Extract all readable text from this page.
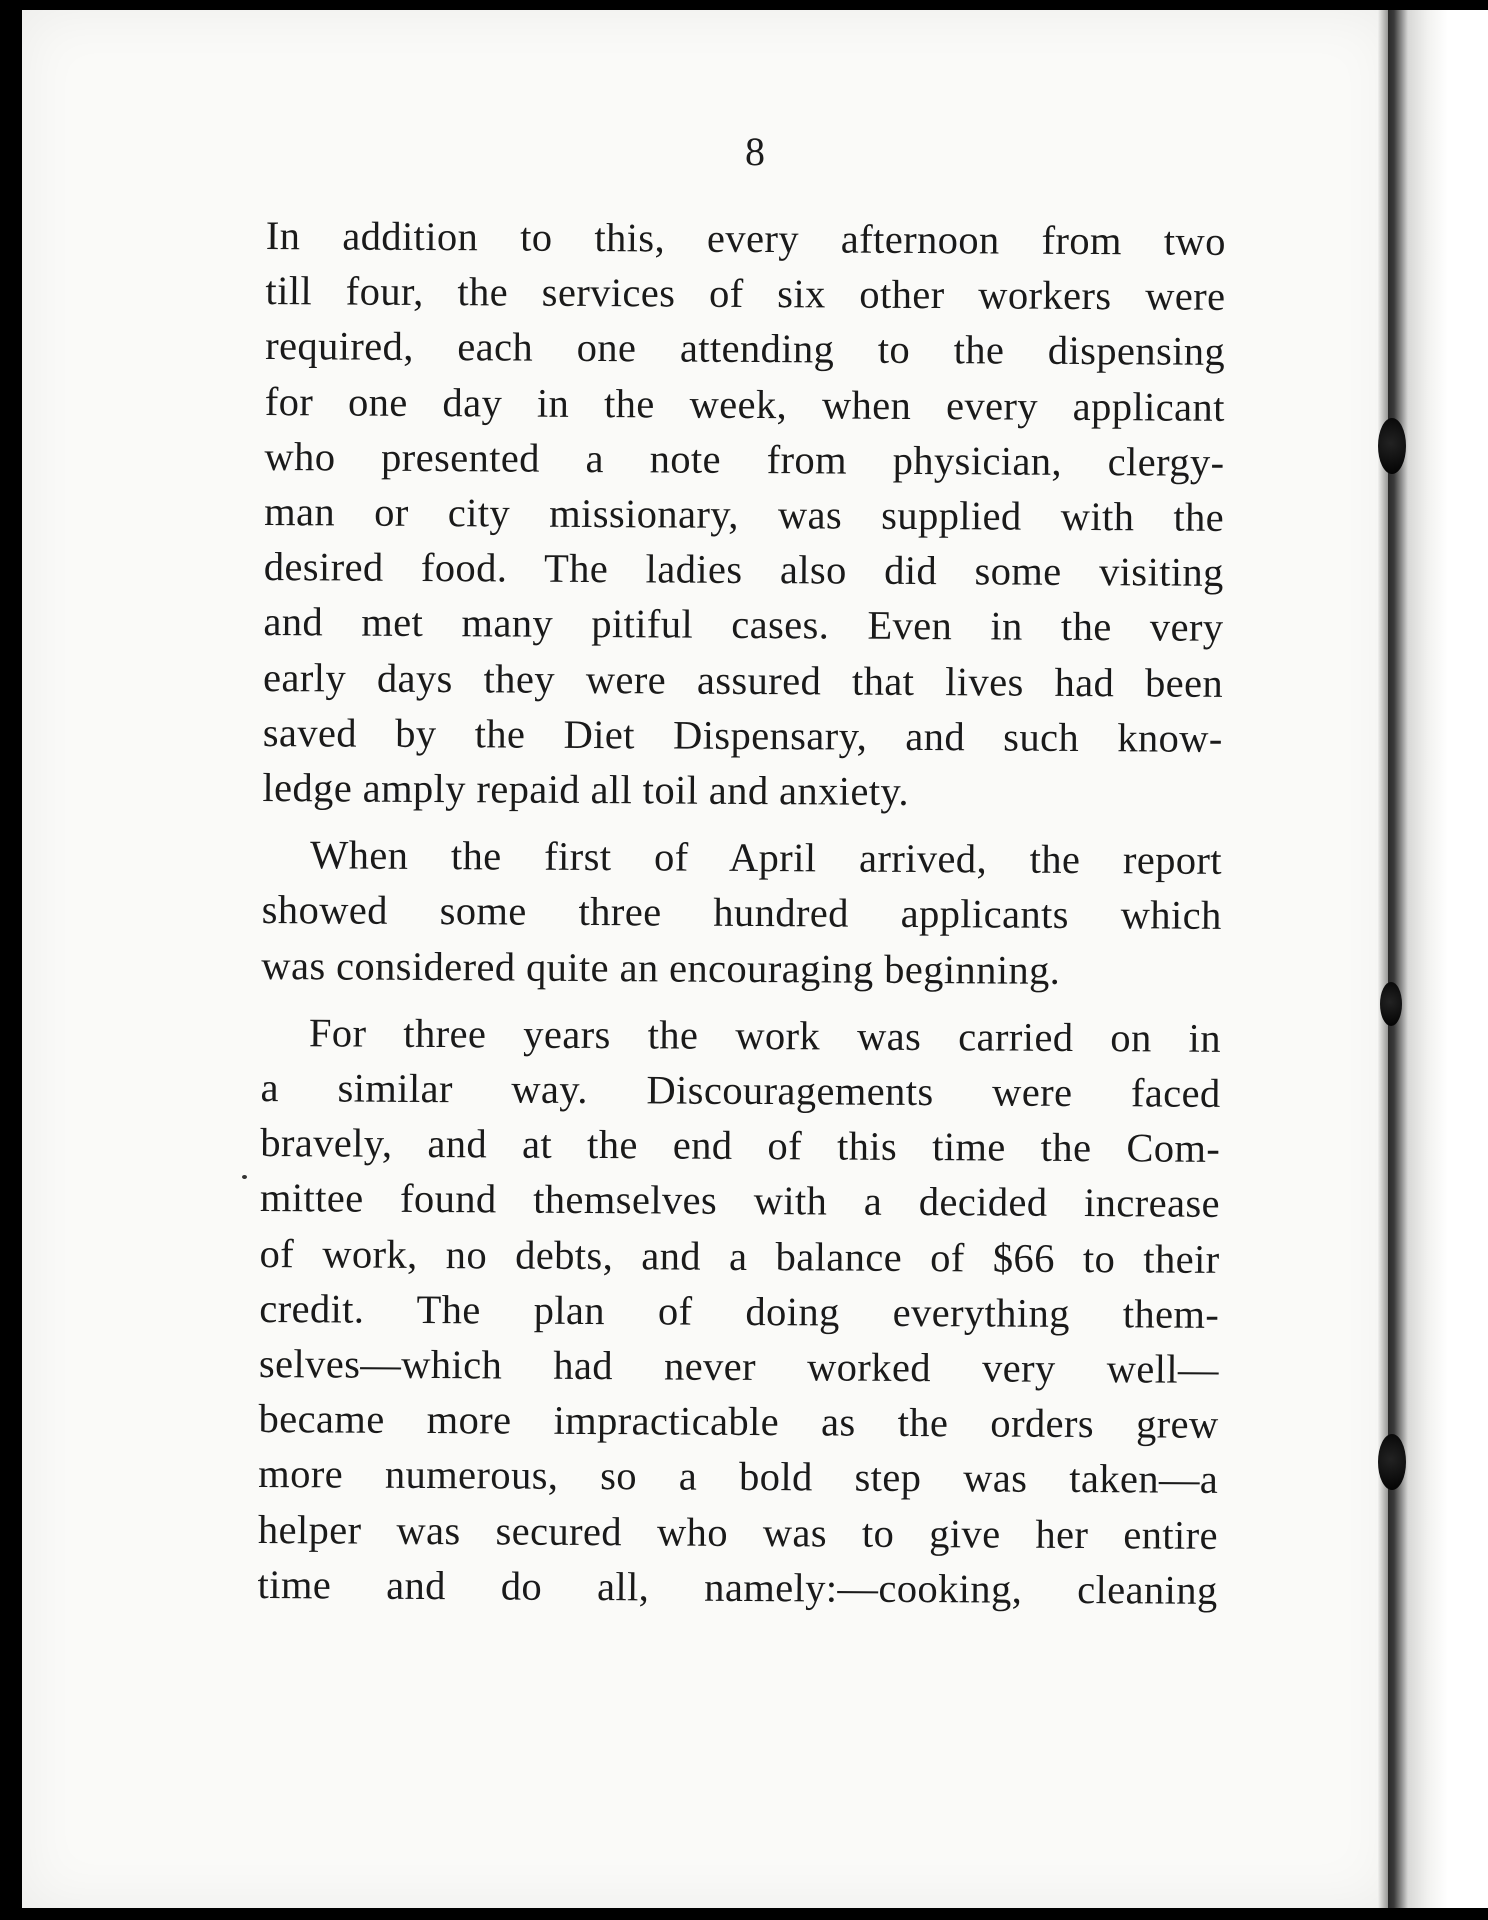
8
In addition to this, every afternoon from two
till four, the services of six other workers were
required, each one attending to the dispensing
for one day in the week, when every applicant
who presented a note from physician, clergy-
man or city missionary, was supplied with the
desired food. The ladies also did some visiting
and met many pitiful cases. Even in the very
early days they were assured that lives had been
saved by the Diet Dispensary, and such know-
ledge amply repaid all toil and anxiety.
When the first of April arrived, the report
showed some three hundred applicants which
was considered quite an encouraging beginning.
For three years the work was carried on in
a similar way. Discouragements were faced
bravely, and at the end of this time the Com-
mittee found themselves with a decided increase
of work, no debts, and a balance of $66 to their
credit. The plan of doing everything them-
selves—which had never worked very well—
became more impracticable as the orders grew
more numerous, so a bold step was taken—a
helper was secured who was to give her entire
time and do all, namely:—cooking, cleaning
